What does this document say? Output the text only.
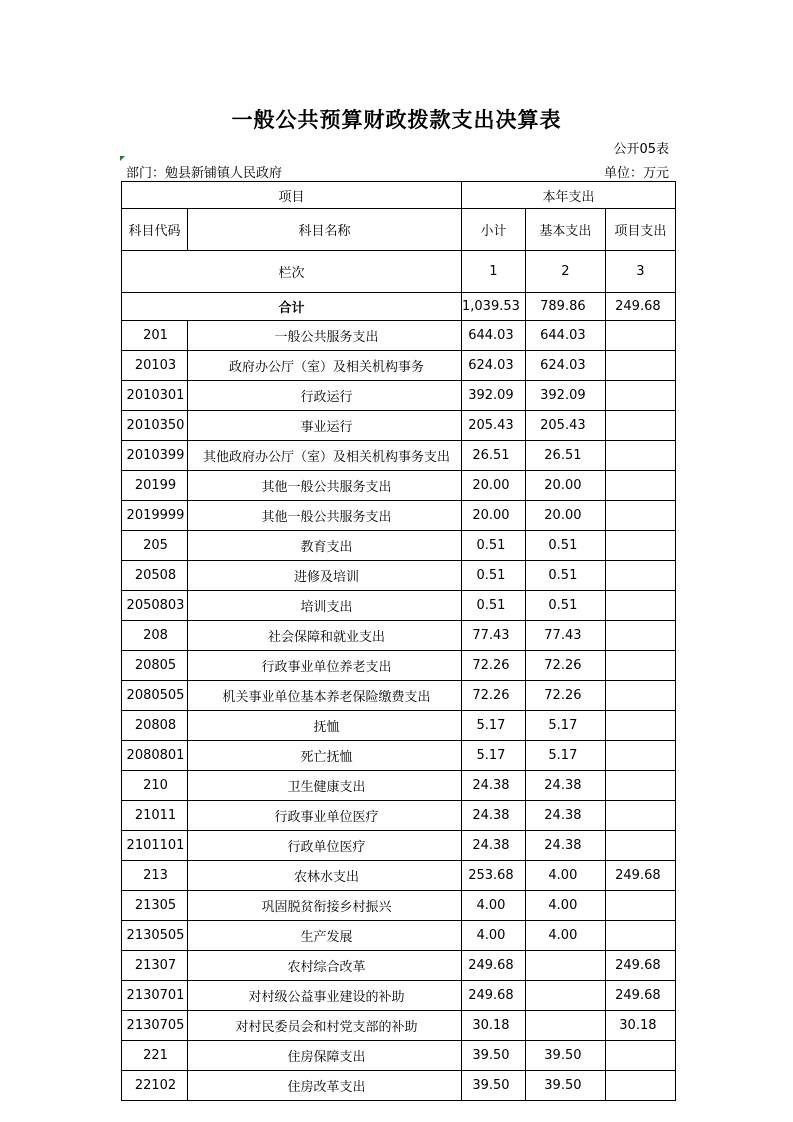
一般公共预算财政拨款支出决算表
公开05表
部门：勉县新铺镇人民政府	单位：万元
项目		本年支出		
科目代码	科目名称	小计	基本支出	项目支出
栏次		1	2	3
合计		1,039.53	789.86	249.68
201	一般公共服务支出	644.03	644.03	
20103	政府办公厅（室）及相关机构事务	624.03	624.03	
2010301	行政运行	392.09	392.09	
2010350	事业运行	205.43	205.43	
2010399	其他政府办公厅（室）及相关机构事务支出	26.51	26.51	
20199	其他一般公共服务支出	20.00	20.00	
2019999	其他一般公共服务支出	20.00	20.00	
205	教育支出	0.51	0.51	
20508	进修及培训	0.51	0.51	
2050803	培训支出	0.51	0.51	
208	社会保障和就业支出	77.43	77.43	
20805	行政事业单位养老支出	72.26	72.26	
2080505	机关事业单位基本养老保险缴费支出	72.26	72.26	
20808	抚恤	5.17	5.17	
2080801	死亡抚恤	5.17	5.17	
210	卫生健康支出	24.38	24.38	
21011	行政事业单位医疗	24.38	24.38	
2101101	行政单位医疗	24.38	24.38	
213	农林水支出	253.68	4.00	249.68
21305	巩固脱贫衔接乡村振兴	4.00	4.00	
2130505	生产发展	4.00	4.00	
21307	农村综合改革	249.68		249.68
2130701	对村级公益事业建设的补助	249.68		249.68
2130705	对村民委员会和村党支部的补助	30.18		30.18
221	住房保障支出	39.50	39.50	
22102	住房改革支出	39.50	39.50	
